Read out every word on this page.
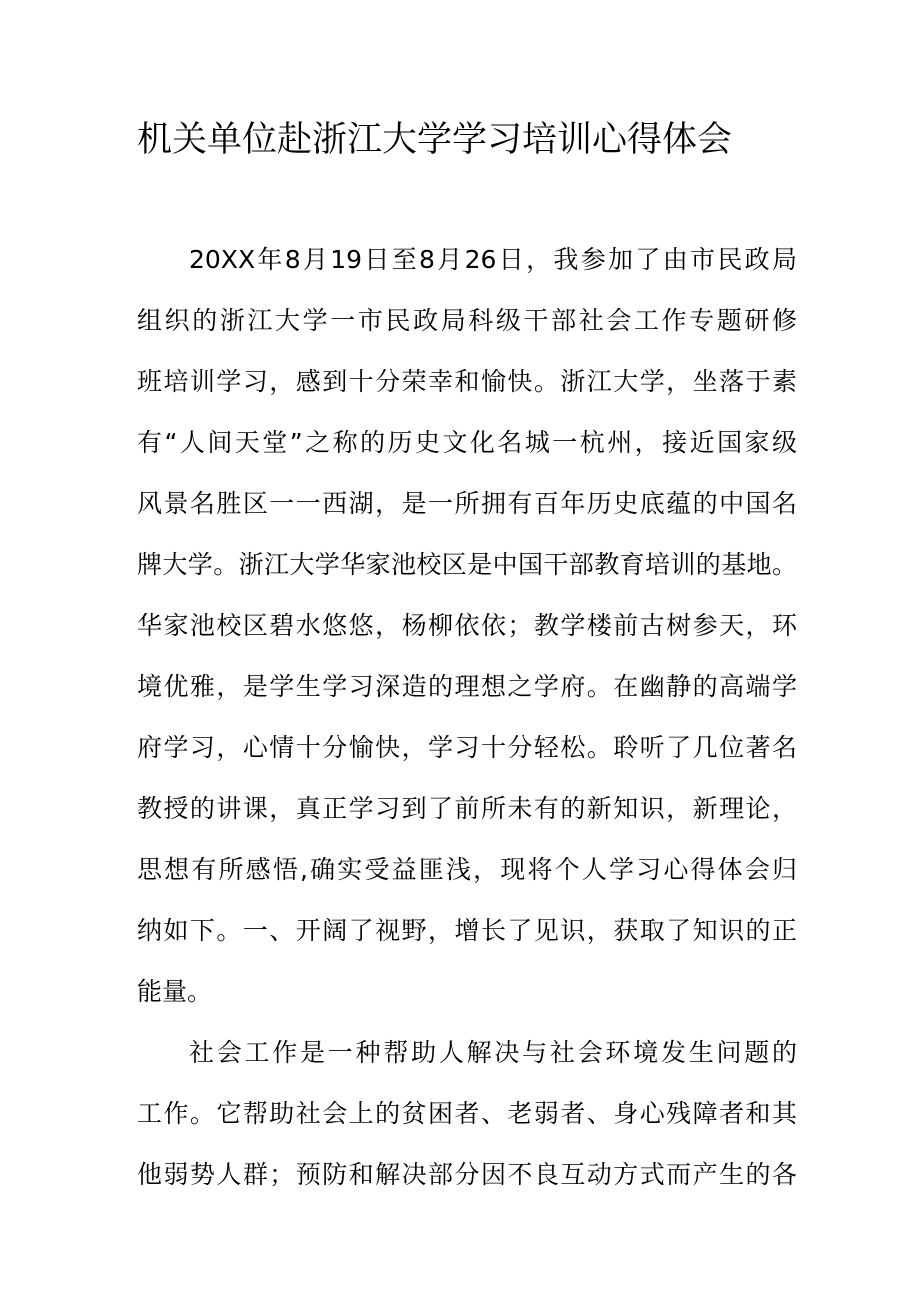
机关单位赴浙江大学学习培训心得体会
20XX年8月19日至8月26日，我参加了由市民政局
组织的浙江大学一市民政局科级干部社会工作专题研修
班培训学习，感到十分荣幸和愉快。浙江大学，坐落于素
有“人间天堂”之称的历史文化名城一杭州，接近国家级
风景名胜区一一西湖，是一所拥有百年历史底蕴的中国名
牌大学。浙江大学华家池校区是中国干部教育培训的基地。
华家池校区碧水悠悠，杨柳依依；教学楼前古树参天，环
境优雅，是学生学习深造的理想之学府。在幽静的高端学
府学习，心情十分愉快，学习十分轻松。聆听了几位著名
教授的讲课，真正学习到了前所未有的新知识，新理论，
思想有所感悟,确实受益匪浅，现将个人学习心得体会归
纳如下。一、开阔了视野，增长了见识，获取了知识的正
能量。
社会工作是一种帮助人解决与社会环境发生问题的
工作。它帮助社会上的贫困者、老弱者、身心残障者和其
他弱势人群；预防和解决部分因不良互动方式而产生的各
